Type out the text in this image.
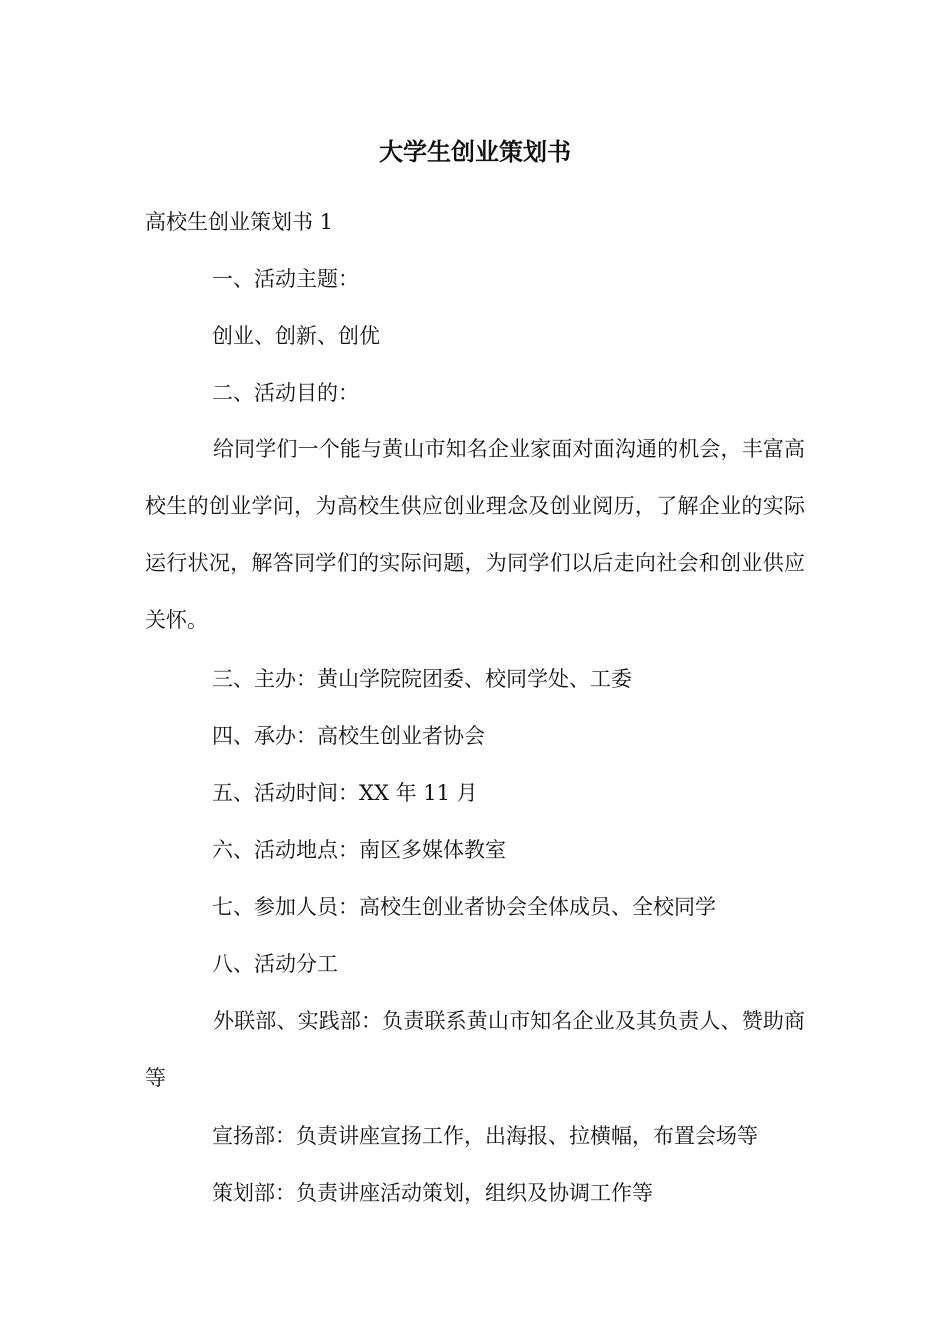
大学生创业策划书

高校生创业策划书 1

一、活动主题：

创业、创新、创优

二、活动目的：

给同学们一个能与黄山市知名企业家面对面沟通的机会，丰富高校生的创业学问，为高校生供应创业理念及创业阅历，了解企业的实际运行状况，解答同学们的实际问题，为同学们以后走向社会和创业供应关怀。

三、主办：黄山学院院团委、校同学处、工委

四、承办：高校生创业者协会

五、活动时间：XX 年 11 月

六、活动地点：南区多媒体教室

七、参加人员：高校生创业者协会全体成员、全校同学

八、活动分工

外联部、实践部：负责联系黄山市知名企业及其负责人、赞助商等

宣扬部：负责讲座宣扬工作，出海报、拉横幅，布置会场等

策划部：负责讲座活动策划，组织及协调工作等
